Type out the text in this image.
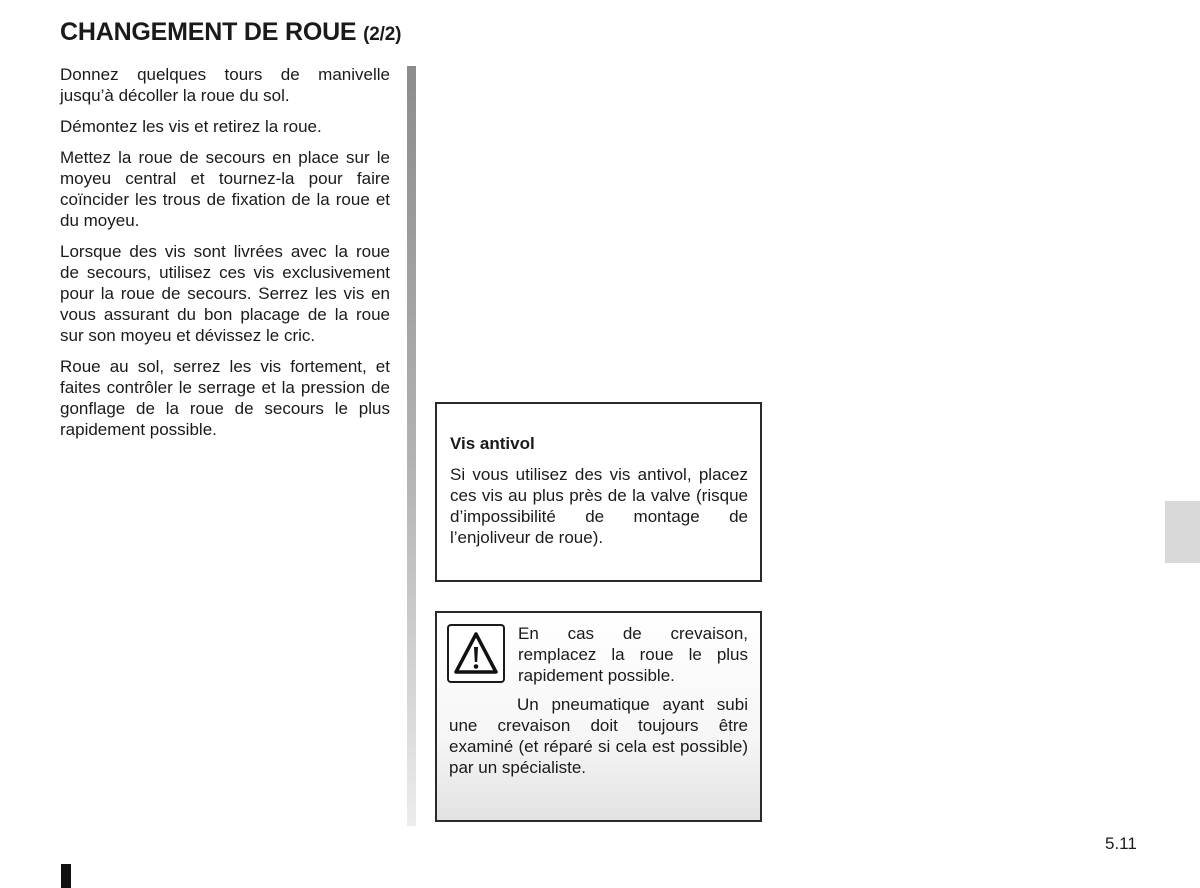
CHANGEMENT DE ROUE (2/2)

Donnez quelques tours de manivelle jusqu’à décoller la roue du sol.

Démontez les vis et retirez la roue.

Mettez la roue de secours en place sur le moyeu central et tournez-la pour faire coïncider les trous de fixation de la roue et du moyeu.

Lorsque des vis sont livrées avec la roue de secours, utilisez ces vis exclusivement pour la roue de secours. Serrez les vis en vous assurant du bon placage de la roue sur son moyeu et dévissez le cric.

Roue au sol, serrez les vis fortement, et faites contrôler le serrage et la pression de gonflage de la roue de secours le plus rapidement possible.

Vis antivol

Si vous utilisez des vis antivol, placez ces vis au plus près de la valve (risque d’impossibilité de montage de l’enjoliveur de roue).

En cas de crevaison, remplacez la roue le plus rapidement possible.

Un pneumatique ayant subi une crevaison doit toujours être examiné (et réparé si cela est possible) par un spécialiste.

5.11
